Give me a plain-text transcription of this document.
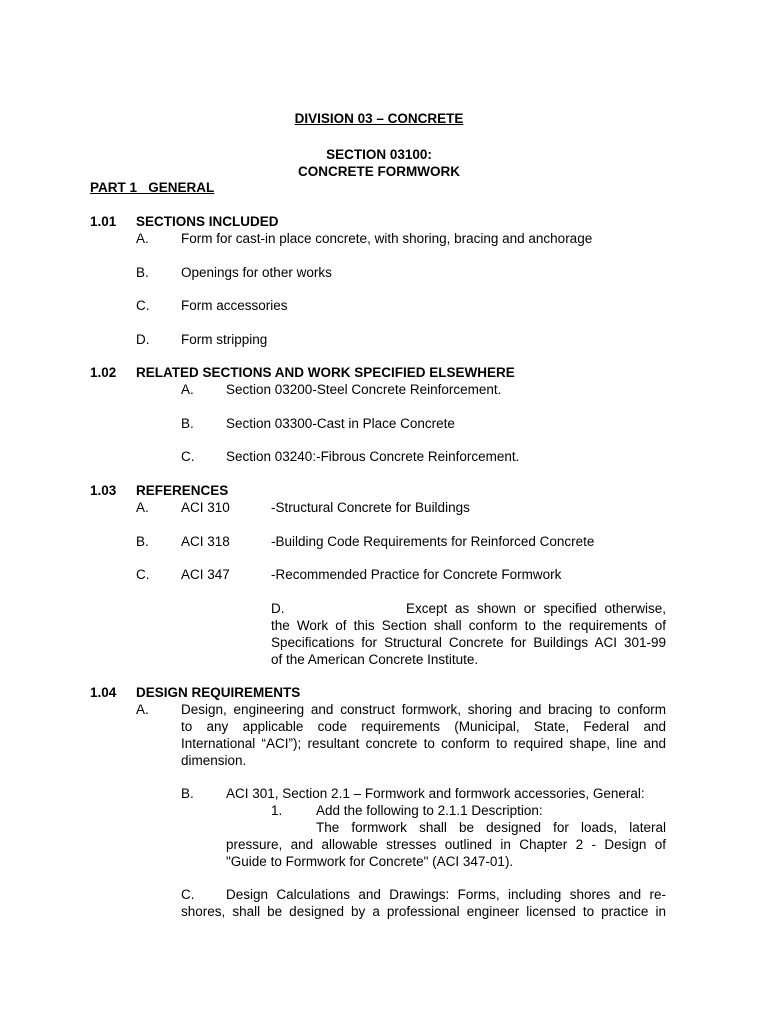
DIVISION 03 – CONCRETE
SECTION 03100:
CONCRETE FORMWORK
PART 1   GENERAL
1.01 SECTIONS INCLUDED
A. Form for cast-in place concrete, with shoring, bracing and anchorage
B. Openings for other works
C. Form accessories
D. Form stripping
1.02 RELATED SECTIONS AND WORK SPECIFIED ELSEWHERE
A. Section 03200-Steel Concrete Reinforcement.
B. Section 03300-Cast in Place Concrete
C. Section 03240:-Fibrous Concrete Reinforcement.
1.03 REFERENCES
A. ACI 310	-Structural Concrete for Buildings
B. ACI 318	-Building Code Requirements for Reinforced Concrete
C. ACI 347	-Recommended Practice for Concrete Formwork
D.	Except as shown or specified otherwise,
the Work of this Section shall conform to the requirements of
Specifications for Structural Concrete for Buildings ACI 301-99
of the American Concrete Institute.
1.04 DESIGN REQUIREMENTS
A. Design, engineering and construct formwork, shoring and bracing to conform
to any applicable code requirements (Municipal, State, Federal and
International “ACI”); resultant concrete to conform to required shape, line and
dimension.
B. ACI 301, Section 2.1 – Formwork and formwork accessories, General:
1. Add the following to 2.1.1 Description:
The formwork shall be designed for loads, lateral
pressure, and allowable stresses outlined in Chapter 2 - Design of
"Guide to Formwork for Concrete" (ACI 347-01).
C.	Design Calculations and Drawings: Forms, including shores and re-
shores, shall be designed by a professional engineer licensed to practice in
